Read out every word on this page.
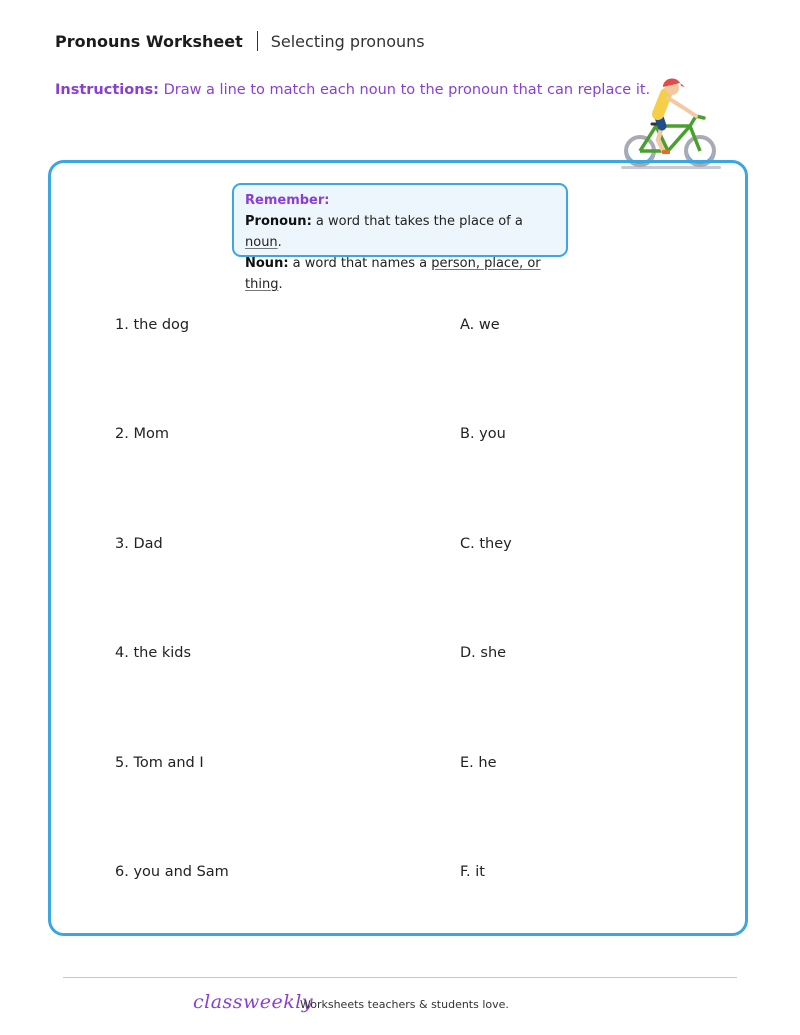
Pronouns Worksheet Selecting pronouns
Instructions: Draw a line to match each noun to the pronoun that can replace it.
Remember:
Pronoun: a word that takes the place of a noun.
Noun: a word that names a person, place, or thing.
1. the dog
2. Mom
3. Dad
4. the kids
5. Tom and I
6. you and Sam
A. we
B. you
C. they
D. she
E. he
F. it
classweekly
Worksheets teachers & students love.
